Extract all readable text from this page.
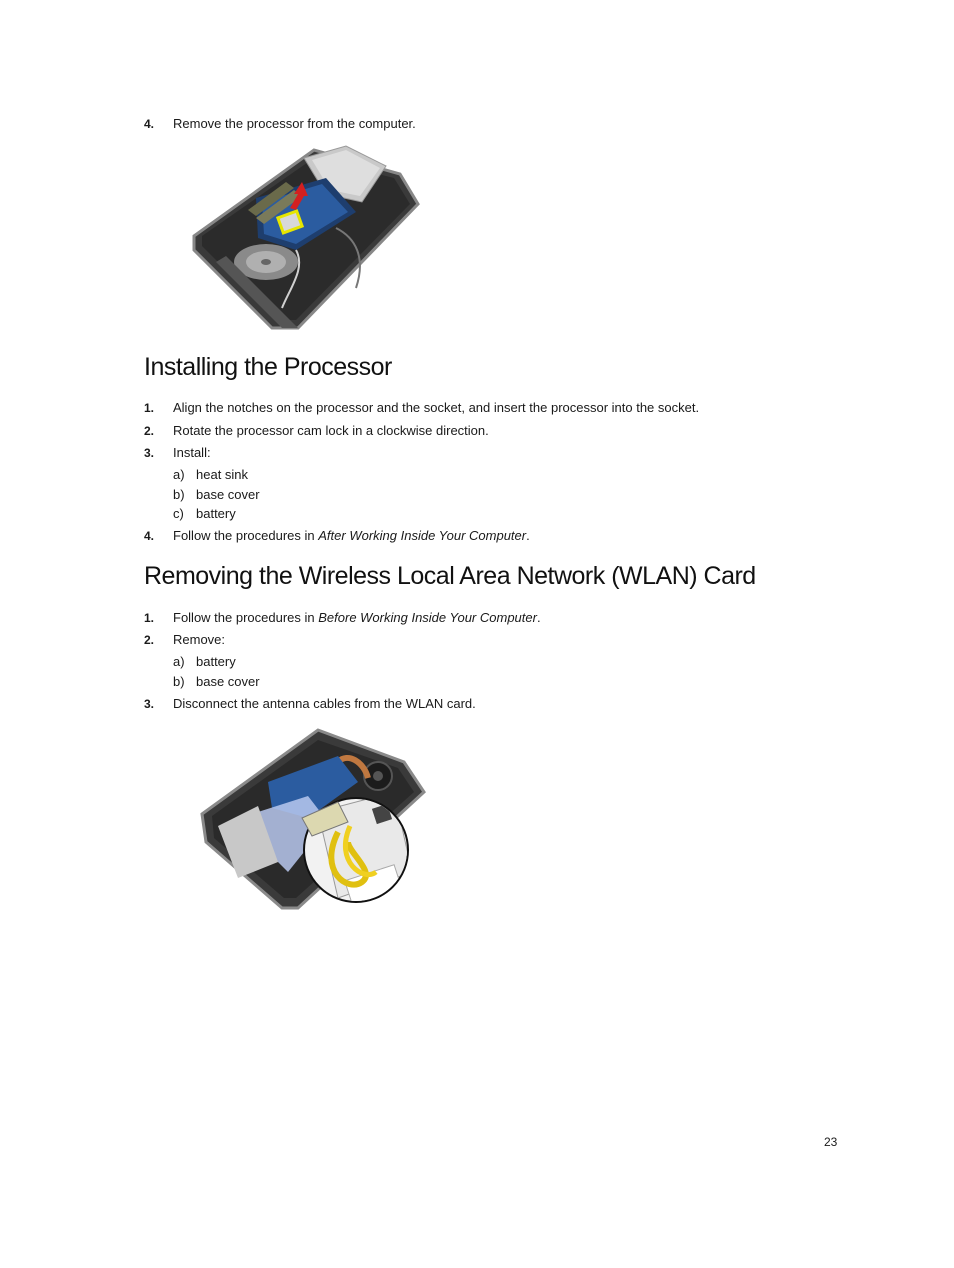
4. Remove the processor from the computer.
Installing the Processor
1. Align the notches on the processor and the socket, and insert the processor into the socket.
2. Rotate the processor cam lock in a clockwise direction.
3. Install:
a) heat sink
b) base cover
c) battery
4. Follow the procedures in After Working Inside Your Computer.
Removing the Wireless Local Area Network (WLAN) Card
1. Follow the procedures in Before Working Inside Your Computer.
2. Remove:
a) battery
b) base cover
3. Disconnect the antenna cables from the WLAN card.
23
